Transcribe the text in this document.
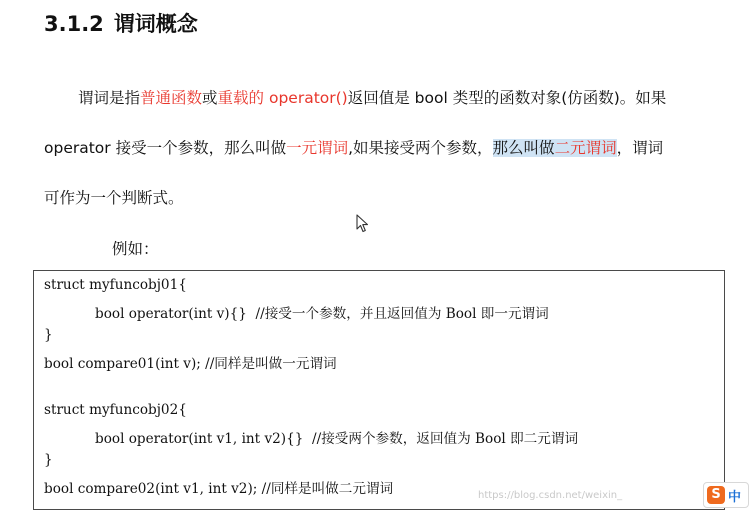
3.1.2 谓词概念
谓词是指普通函数或重载的 operator()返回值是 bool 类型的函数对象(仿函数)。如果
operator 接受一个参数，那么叫做一元谓词,如果接受两个参数，那么叫做二元谓词，谓词
可作为一个判断式。
例如：
struct myfuncobj01{
bool operator(int v){}  //接受一个参数，并且返回值为 Bool 即一元谓词
}
bool compare01(int v); //同样是叫做一元谓词
struct myfuncobj02{
bool operator(int v1, int v2){}  //接受两个参数，返回值为 Bool 即二元谓词
}
bool compare02(int v1, int v2); //同样是叫做二元谓词	https://blog.csdn.net/weixin_	S 中
